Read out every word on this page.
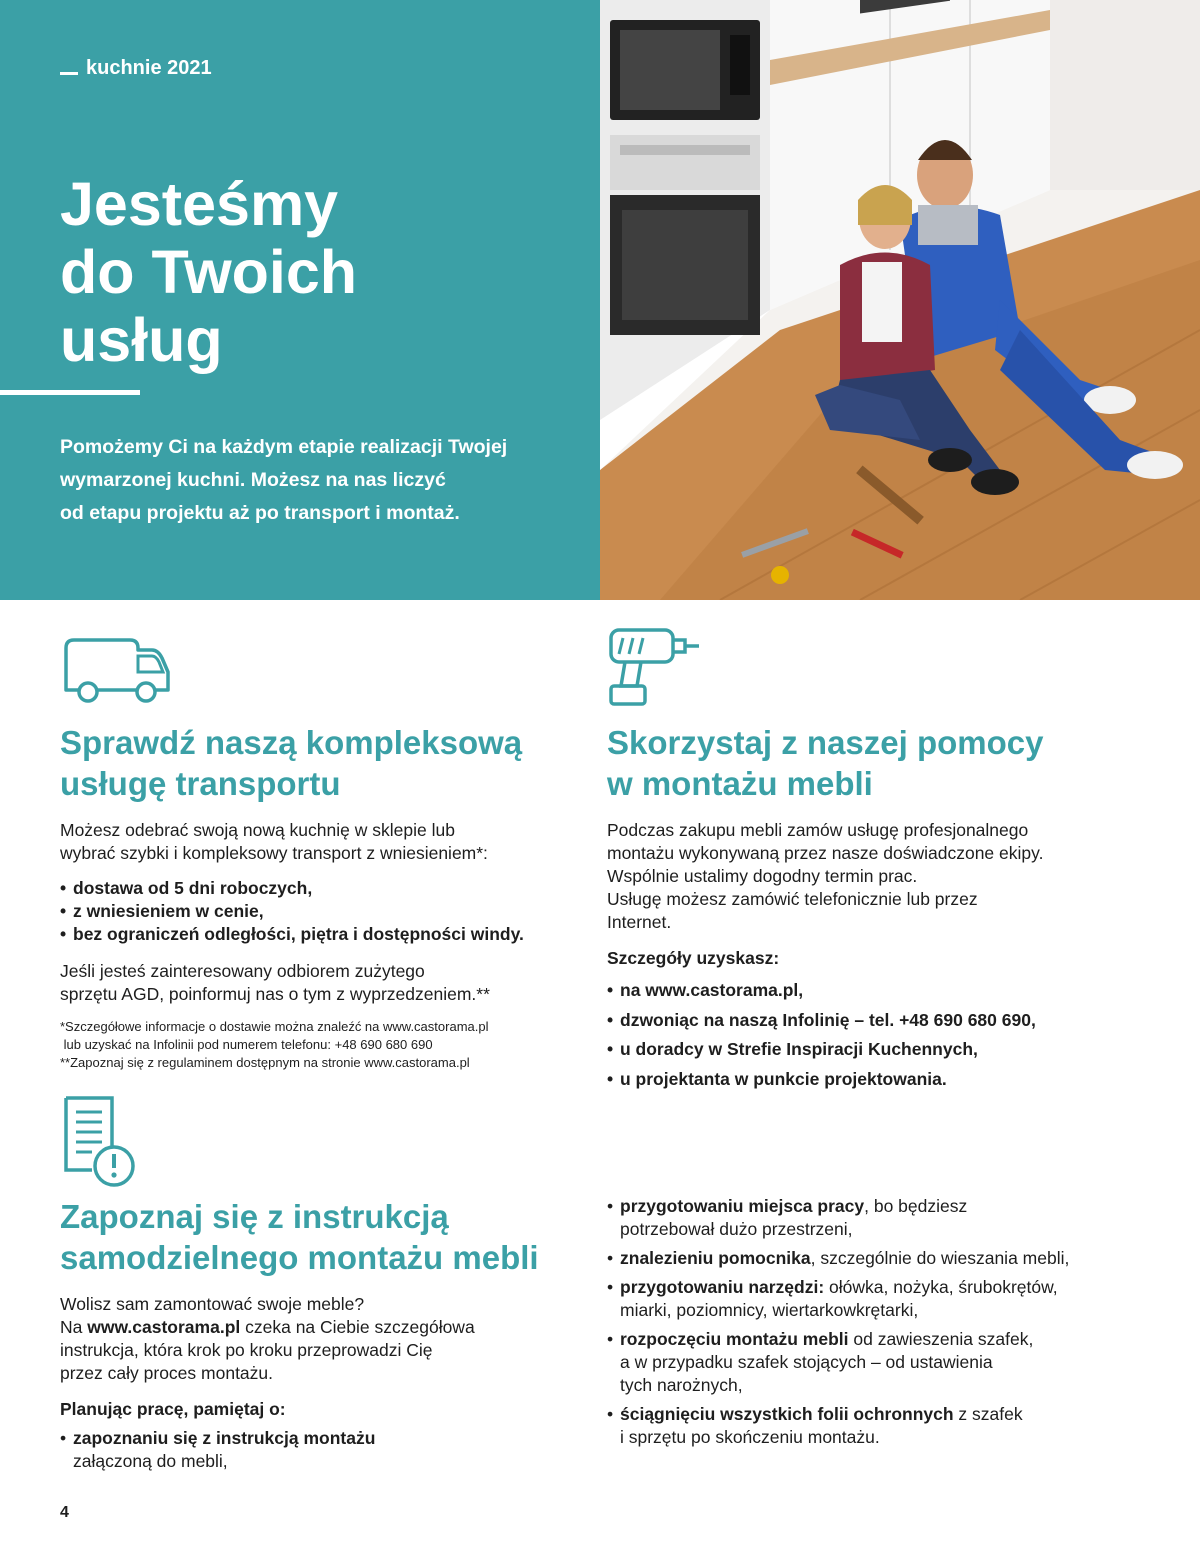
kuchnie 2021
Jesteśmy
do Twoich
usług

Pomożemy Ci na każdym etapie realizacji Twojej
wymarzonej kuchni. Możesz na nas liczyć
od etapu projektu aż po transport i montaż.

Sprawdź naszą kompleksową
usługę transportu
Możesz odebrać swoją nową kuchnię w sklepie lub
wybrać szybki i kompleksowy transport z wniesieniem*:
• dostawa od 5 dni roboczych,
• z wniesieniem w cenie,
• bez ograniczeń odległości, piętra i dostępności windy.
Jeśli jesteś zainteresowany odbiorem zużytego
sprzętu AGD, poinformuj nas o tym z wyprzedzeniem.**
*Szczegółowe informacje o dostawie można znaleźć na www.castorama.pl
lub uzyskać na Infolinii pod numerem telefonu: +48 690 680 690
**Zapoznaj się z regulaminem dostępnym na stronie www.castorama.pl
Skorzystaj z naszej pomocy
w montażu mebli
Podczas zakupu mebli zamów usługę profesjonalnego
montażu wykonywaną przez nasze doświadczone ekipy.
Wspólnie ustalimy dogodny termin prac.
Usługę możesz zamówić telefonicznie lub przez
Internet.
Szczegóły uzyskasz:
• na www.castorama.pl,
• dzwoniąc na naszą Infolinię – tel. +48 690 680 690,
• u doradcy w Strefie Inspiracji Kuchennych,
• u projektanta w punkcie projektowania.
Zapoznaj się z instrukcją
samodzielnego montażu mebli
Wolisz sam zamontować swoje meble?
Na www.castorama.pl czeka na Ciebie szczegółowa
instrukcja, która krok po kroku przeprowadzi Cię
przez cały proces montażu.
Planując pracę, pamiętaj o:
• zapoznaniu się z instrukcją montażu
załączoną do mebli,
• przygotowaniu miejsca pracy, bo będziesz
potrzebował dużo przestrzeni,
• znalezieniu pomocnika, szczególnie do wieszania mebli,
• przygotowaniu narzędzi: ołówka, nożyka, śrubokrętów,
miarki, poziomnicy, wiertarkowkrętarki,
• rozpoczęciu montażu mebli od zawieszenia szafek,
a w przypadku szafek stojących – od ustawienia
tych narożnych,
• ściągnięciu wszystkich folii ochronnych z szafek
i sprzętu po skończeniu montażu.
4
